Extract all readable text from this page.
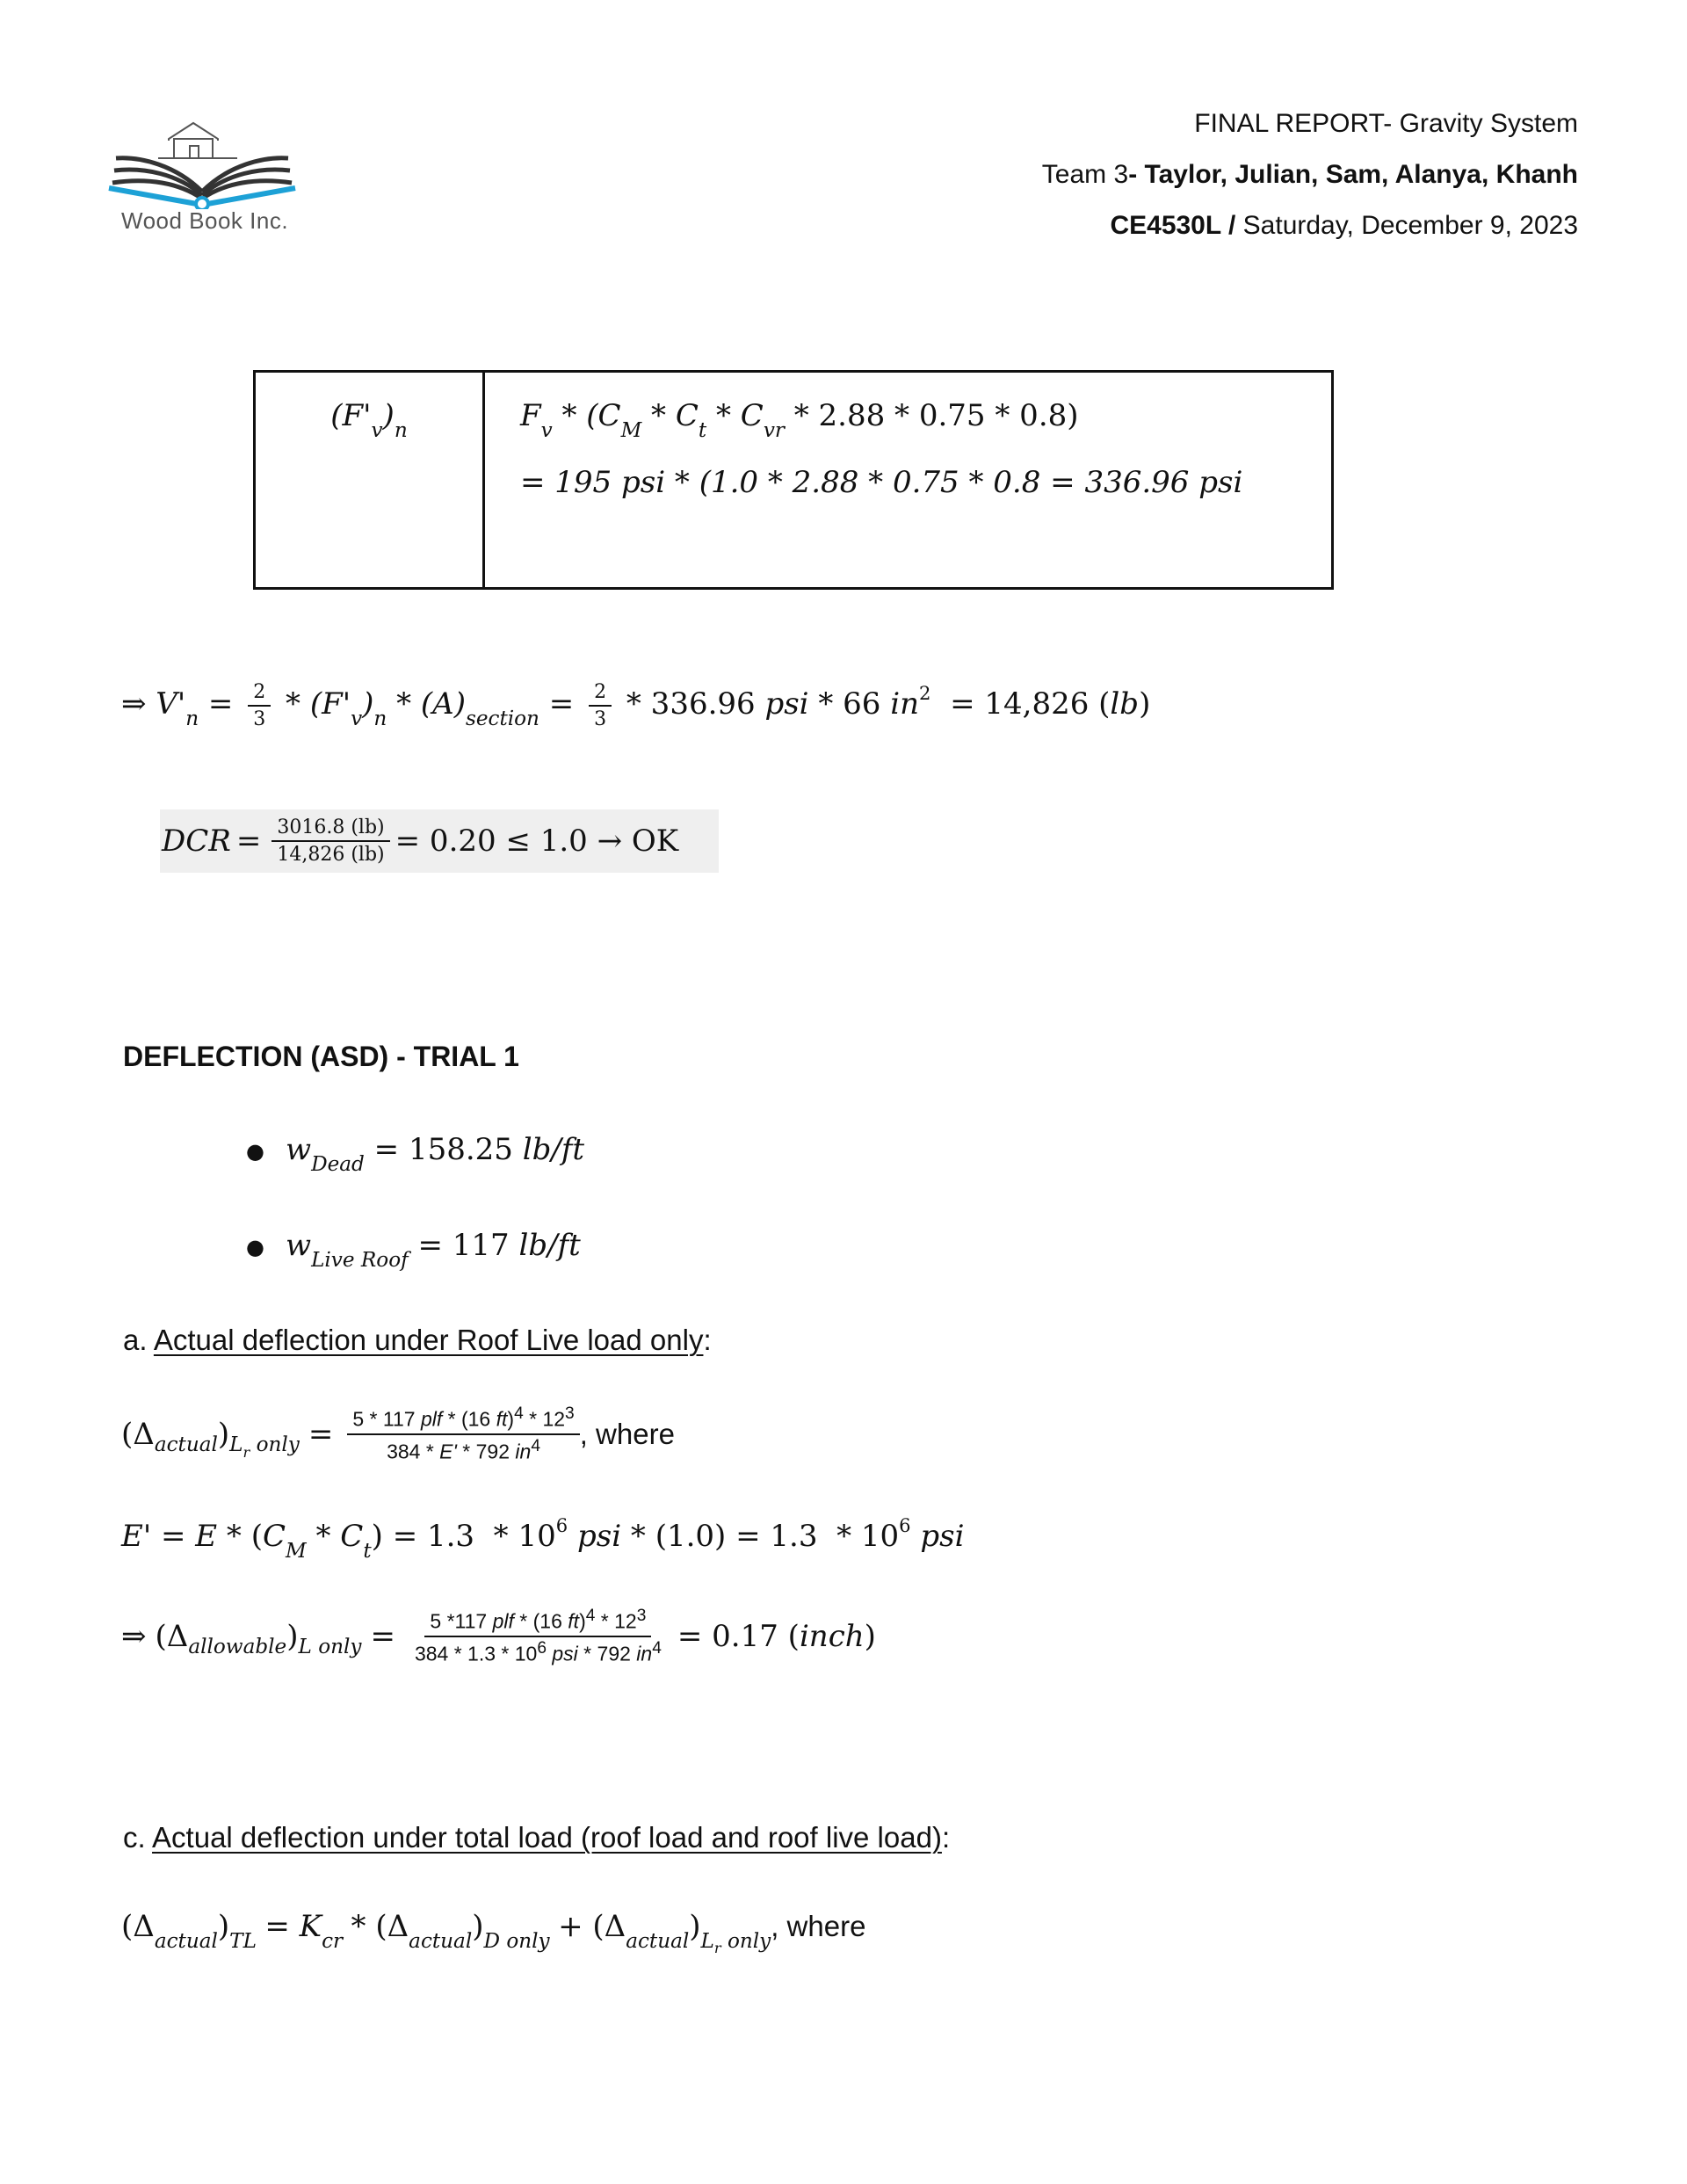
Wood Book Inc.
FINAL REPORT- Gravity System
Team 3- Taylor, Julian, Sam, Alanya, Khanh
CE4530L / Saturday, December 9, 2023
$(F'_v)_n$	$F_v * (C_M * C_t * C_{vr} * 2.88 * 0.75 * 0.8)$
= 195 psi * (1.0 * 2.88 * 0.75 * 0.8 = 336.96 psi
⇒ $V'_n = \frac{2}{3} * (F'_v)_n * (A)_{section} = \frac{2}{3} * 336.96$ psi * 66 $in^2 = 14,826$ (lb)
DCR = $\frac{3016.8 (lb)}{14,826 (lb)} = 0.20 \le 1.0$ → OK
DEFLECTION (ASD) - TRIAL 1
● $w_{Dead} = 158.25$ lb/ft
● $w_{Live Roof} = 117$ lb/ft
a. Actual deflection under Roof Live load only:
(Δ actual ) $L_r$ only = $\frac{5 * 117 plf * (16 ft)^4 * 12^3}{384 * E' * 792 in^4}$ , where
$E' = E * (C_M * C_t) = 1.3 * 10^6$ psi * $(1.0) = 1.3 * 10^6$ psi
⇒ (Δ allowable ) L only = $\frac{5 *117 plf * (16 ft)^4 * 12^3}{384 * 1.3 * 10^6 psi * 792 in^4} = 0.17$ (inch)
c. Actual deflection under total load (roof load and roof live load):
$(\Delta_{actual})_{TL} = K_{cr} * (\Delta_{actual})_{D only} + (\Delta_{actual})_{L_r only}$, where
